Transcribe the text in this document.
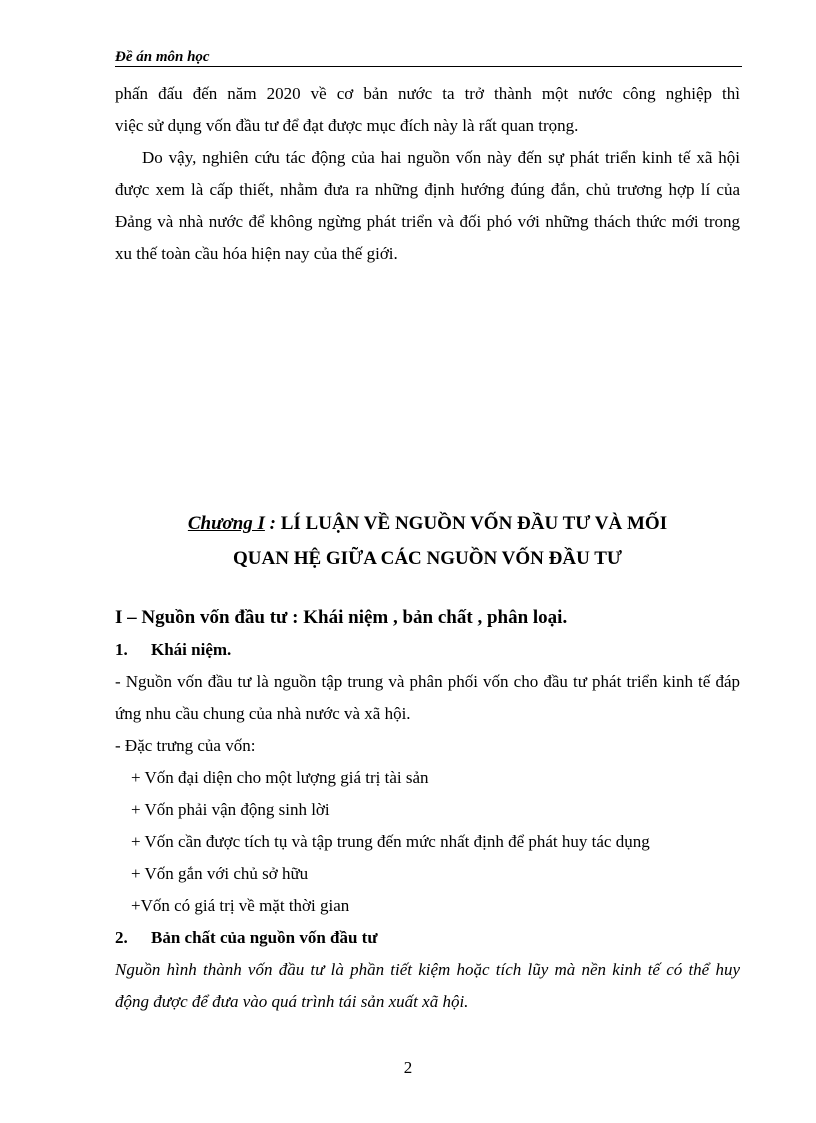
Đề án môn học

phấn đấu đến năm 2020 về cơ bản nước ta trở thành một nước công nghiệp thì

việc sử dụng vốn đầu tư để đạt được mục đích này là rất quan trọng.

Do vậy, nghiên cứu tác động của hai nguồn vốn này đến sự phát triển kinh tế xã hội được xem là cấp thiết, nhằm đưa ra những định hướng đúng đắn, chủ trương hợp lí của Đảng và nhà nước để không ngừng phát triển và đối phó với những thách thức mới trong xu thế toàn cầu hóa hiện nay của thế giới.

Chương I : LÍ LUẬN VỀ NGUỒN VỐN ĐẦU TƯ VÀ MỐI
QUAN HỆ GIỮA CÁC NGUỒN VỐN ĐẦU TƯ
I – Nguồn vốn đầu tư : Khái niệm , bản chất , phân loại.
1.	Khái niệm.

- Nguồn vốn đầu tư là nguồn tập trung và phân phối vốn cho đầu tư phát triển kinh tế đáp ứng nhu cầu chung của nhà nước và xã hội.

- Đặc trưng của vốn:

+ Vốn đại diện cho một lượng giá trị tài sản
+ Vốn phải vận động sinh lời
+ Vốn cần được tích tụ và tập trung đến mức nhất định để phát huy tác dụng
+ Vốn gắn với chủ sở hữu
+Vốn có giá trị về mặt thời gian
2.	Bản chất của nguồn vốn đầu tư

Nguồn hình thành vốn đầu tư là phần tiết kiệm hoặc tích lũy mà nền kinh tế có thể huy động được để đưa vào quá trình tái sản xuất xã hội.

2
